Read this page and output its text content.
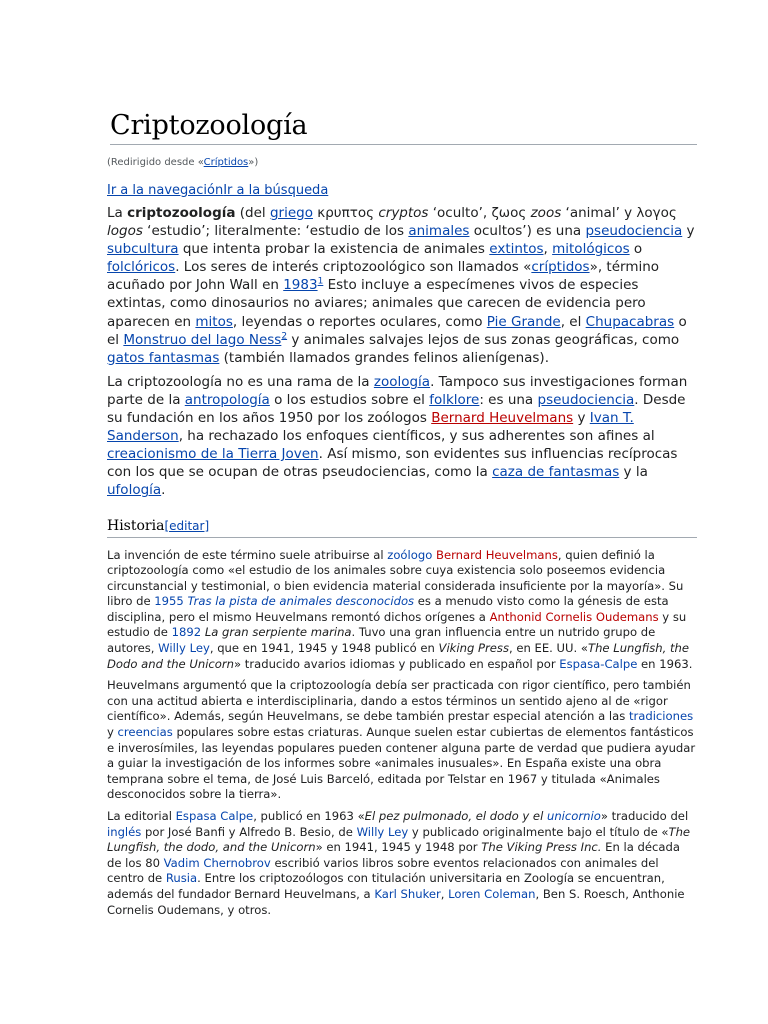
Criptozoología
(Redirigido desde «Críptidos»)
Ir a la navegaciónIr a la búsqueda

La criptozoología (del griego κρυπτος cryptos ‘oculto’, ζωος zoos ‘animal’ y λογος logos ‘estudio’; literalmente: ‘estudio de los animales ocultos’) es una pseudociencia y subcultura que intenta probar la existencia de animales extintos, mitológicos o folclóricos. Los seres de interés criptozoológico son llamados «críptidos», término acuñado por John Wall en 1983$^1$ Esto incluye a especímenes vivos de especies extintas, como dinosaurios no aviares; animales que carecen de evidencia pero aparecen en mitos, leyendas o reportes oculares, como Pie Grande, el Chupacabras o el Monstruo del lago Ness$^2$ y animales salvajes lejos de sus zonas geográficas, como gatos fantasmas (también llamados grandes felinos alienígenas).

La criptozoología no es una rama de la zoología. Tampoco sus investigaciones forman parte de la antropología o los estudios sobre el folklore: es una pseudociencia. Desde su fundación en los años 1950 por los zoólogos Bernard Heuvelmans y Ivan T. Sanderson, ha rechazado los enfoques científicos, y sus adherentes son afines al creacionismo de la Tierra Joven. Así mismo, son evidentes sus influencias recíprocas con los que se ocupan de otras pseudociencias, como la caza de fantasmas y la ufología.

Historia[editar]

La invención de este término suele atribuirse al zoólogo Bernard Heuvelmans, quien definió la criptozoología como «el estudio de los animales sobre cuya existencia solo poseemos evidencia circunstancial y testimonial, o bien evidencia material considerada insuficiente por la mayoría». Su libro de 1955 Tras la pista de animales desconocidos es a menudo visto como la génesis de esta disciplina, pero el mismo Heuvelmans remontó dichos orígenes a Anthonid Cornelis Oudemans y su estudio de 1892 La gran serpiente marina. Tuvo una gran influencia entre un nutrido grupo de autores, Willy Ley, que en 1941, 1945 y 1948 publicó en Viking Press, en EE. UU. «The Lungfish, the Dodo and the Unicorn» traducido avarios idiomas y publicado en español por Espasa-Calpe en 1963.

Heuvelmans argumentó que la criptozoología debía ser practicada con rigor científico, pero también con una actitud abierta e interdisciplinaria, dando a estos términos un sentido ajeno al de «rigor científico». Además, según Heuvelmans, se debe también prestar especial atención a las tradiciones y creencias populares sobre estas criaturas. Aunque suelen estar cubiertas de elementos fantásticos e inverosímiles, las leyendas populares pueden contener alguna parte de verdad que pudiera ayudar a guiar la investigación de los informes sobre «animales inusuales». En España existe una obra temprana sobre el tema, de José Luis Barceló, editada por Telstar en 1967 y titulada «Animales desconocidos sobre la tierra».

La editorial Espasa Calpe, publicó en 1963 «El pez pulmonado, el dodo y el unicornio» traducido del inglés por José Banfi y Alfredo B. Besio, de Willy Ley y publicado originalmente bajo el título de «The Lungfish, the dodo, and the Unicorn» en 1941, 1945 y 1948 por The Viking Press Inc. En la década de los 80 Vadim Chernobrov escribió varios libros sobre eventos relacionados con animales del centro de Rusia. Entre los criptozoólogos con titulación universitaria en Zoología se encuentran, además del fundador Bernard Heuvelmans, a Karl Shuker, Loren Coleman, Ben S. Roesch, Anthonie Cornelis Oudemans, y otros.
